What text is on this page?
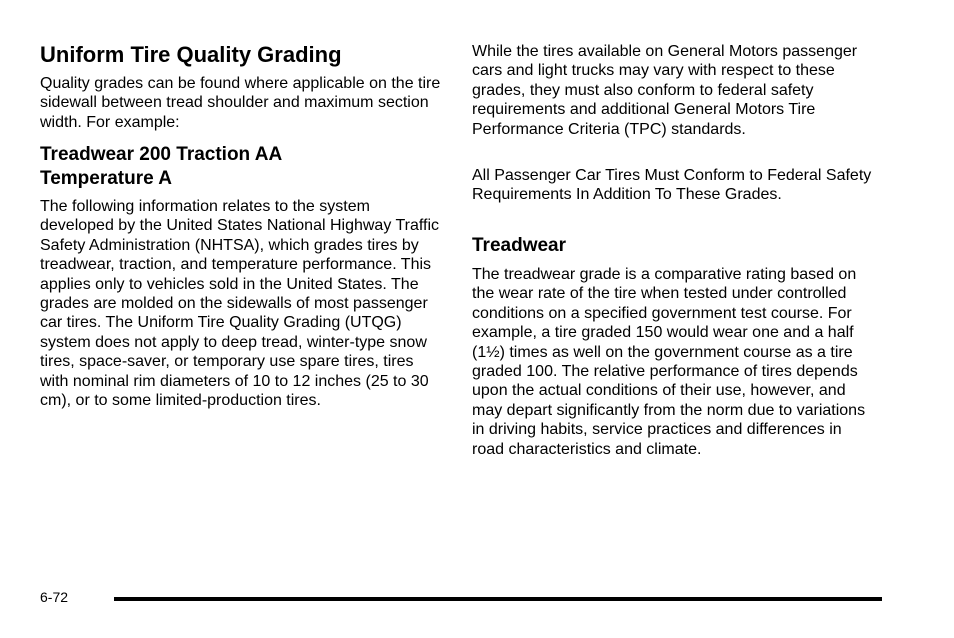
Uniform Tire Quality Grading

Quality grades can be found where applicable on the tire sidewall between tread shoulder and maximum section width. For example:

Treadwear 200 Traction AA
Temperature A

The following information relates to the system developed by the United States National Highway Traffic Safety Administration (NHTSA), which grades tires by treadwear, traction, and temperature performance. This applies only to vehicles sold in the United States. The grades are molded on the sidewalls of most passenger car tires. The Uniform Tire Quality Grading (UTQG) system does not apply to deep tread, winter-type snow tires, space-saver, or temporary use spare tires, tires with nominal rim diameters of 10 to 12 inches (25 to 30 cm), or to some limited-production tires.

While the tires available on General Motors passenger cars and light trucks may vary with respect to these grades, they must also conform to federal safety requirements and additional General Motors Tire Performance Criteria (TPC) standards.

All Passenger Car Tires Must Conform to Federal Safety Requirements In Addition To These Grades.

Treadwear

The treadwear grade is a comparative rating based on the wear rate of the tire when tested under controlled conditions on a specified government test course. For example, a tire graded 150 would wear one and a half (1½) times as well on the government course as a tire graded 100. The relative performance of tires depends upon the actual conditions of their use, however, and may depart significantly from the norm due to variations in driving habits, service practices and differences in road characteristics and climate.

6-72
